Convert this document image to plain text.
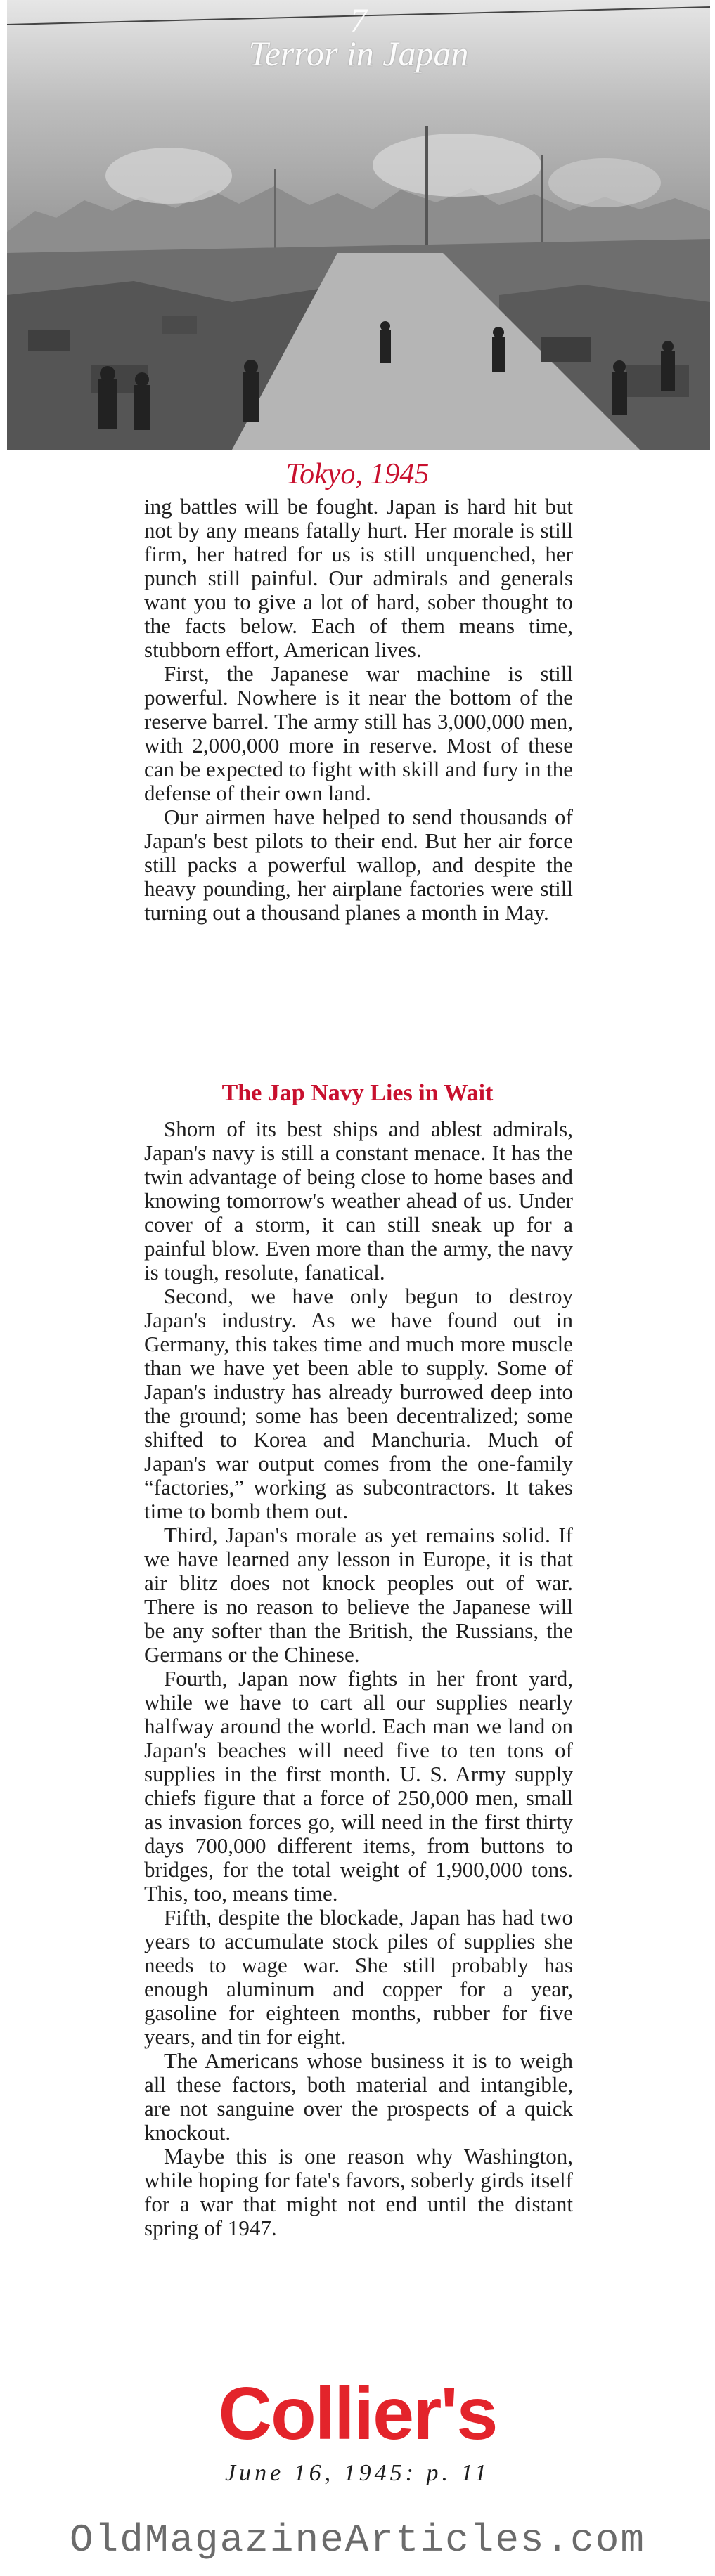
7
Terror in Japan
Tokyo, 1945

ing battles will be fought. Japan is hard hit but not by any means fatally hurt. Her morale is still firm, her hatred for us is still unquenched, her punch still painful. Our admirals and generals want you to give a lot of hard, sober thought to the facts below. Each of them means time, stubborn effort, American lives.

First, the Japanese war machine is still powerful. Nowhere is it near the bottom of the reserve barrel. The army still has 3,000,000 men, with 2,000,000 more in reserve. Most of these can be expected to fight with skill and fury in the defense of their own land.

Our airmen have helped to send thousands of Japan's best pilots to their end. But her air force still packs a powerful wallop, and despite the heavy pounding, her airplane factories were still turning out a thousand planes a month in May.

The Jap Navy Lies in Wait

Shorn of its best ships and ablest admirals, Japan's navy is still a constant menace. It has the twin advantage of being close to home bases and knowing tomorrow's weather ahead of us. Under cover of a storm, it can still sneak up for a painful blow. Even more than the army, the navy is tough, resolute, fanatical.

Second, we have only begun to destroy Japan's industry. As we have found out in Germany, this takes time and much more muscle than we have yet been able to supply. Some of Japan's industry has already burrowed deep into the ground; some has been decentralized; some shifted to Korea and Manchuria. Much of Japan's war output comes from the one-family “factories,” working as subcontractors. It takes time to bomb them out.

Third, Japan's morale as yet remains solid. If we have learned any lesson in Europe, it is that air blitz does not knock peoples out of war. There is no reason to believe the Japanese will be any softer than the British, the Russians, the Germans or the Chinese.

Fourth, Japan now fights in her front yard, while we have to cart all our supplies nearly halfway around the world. Each man we land on Japan's beaches will need five to ten tons of supplies in the first month. U. S. Army supply chiefs figure that a force of 250,000 men, small as invasion forces go, will need in the first thirty days 700,000 different items, from buttons to bridges, for the total weight of 1,900,000 tons. This, too, means time.

Fifth, despite the blockade, Japan has had two years to accumulate stock piles of supplies she needs to wage war. She still probably has enough aluminum and copper for a year, gasoline for eighteen months, rubber for five years, and tin for eight.

The Americans whose business it is to weigh all these factors, both material and intangible, are not sanguine over the prospects of a quick knockout.

Maybe this is one reason why Washington, while hoping for fate's favors, soberly girds itself for a war that might not end until the distant spring of 1947.

Collier's
June 16, 1945: p. 11
OldMagazineArticles.com
